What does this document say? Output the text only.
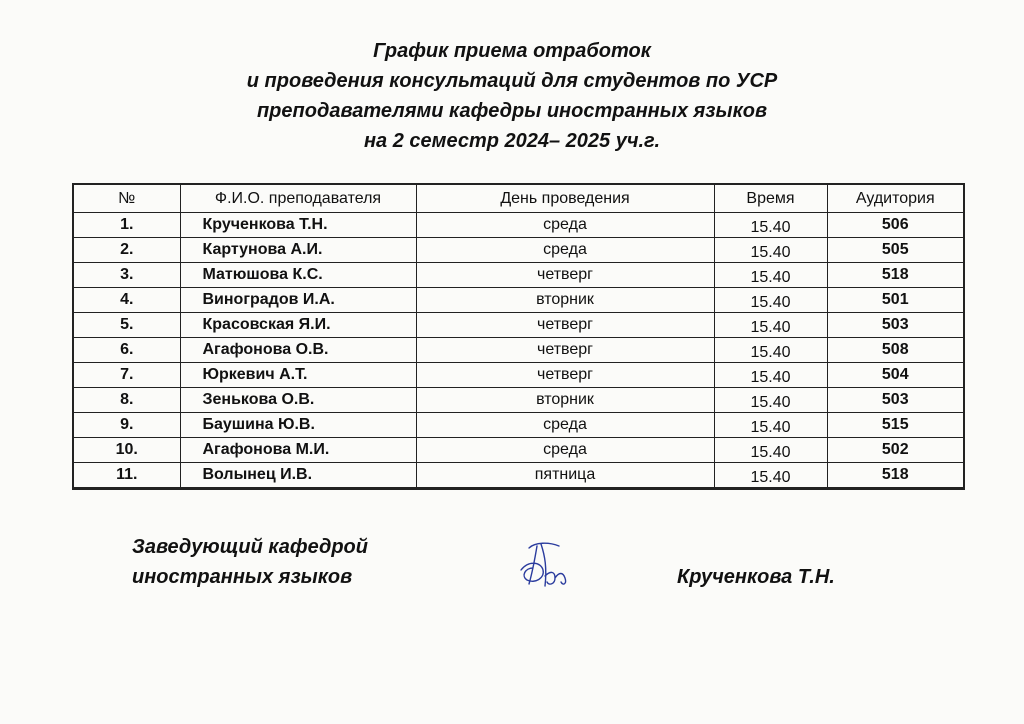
График приема отработок
и проведения консультаций для студентов по УСР
преподавателями кафедры иностранных языков
на 2 семестр 2024– 2025 уч.г.
№	Ф.И.О. преподавателя	День проведения	Время	Аудитория
1.	Крученкова Т.Н.	среда	15.40	506
2.	Картунова А.И.	среда	15.40	505
3.	Матюшова К.С.	четверг	15.40	518
4.	Виноградов И.А.	вторник	15.40	501
5.	Красовская Я.И.	четверг	15.40	503
6.	Агафонова О.В.	четверг	15.40	508
7.	Юркевич А.Т.	четверг	15.40	504
8.	Зенькова О.В.	вторник	15.40	503
9.	Баушина Ю.В.	среда	15.40	515
10.	Агафонова М.И.	среда	15.40	502
11.	Волынец И.В.	пятница	15.40	518
Заведующий кафедрой
иностранных языков	Крученкова Т.Н.
